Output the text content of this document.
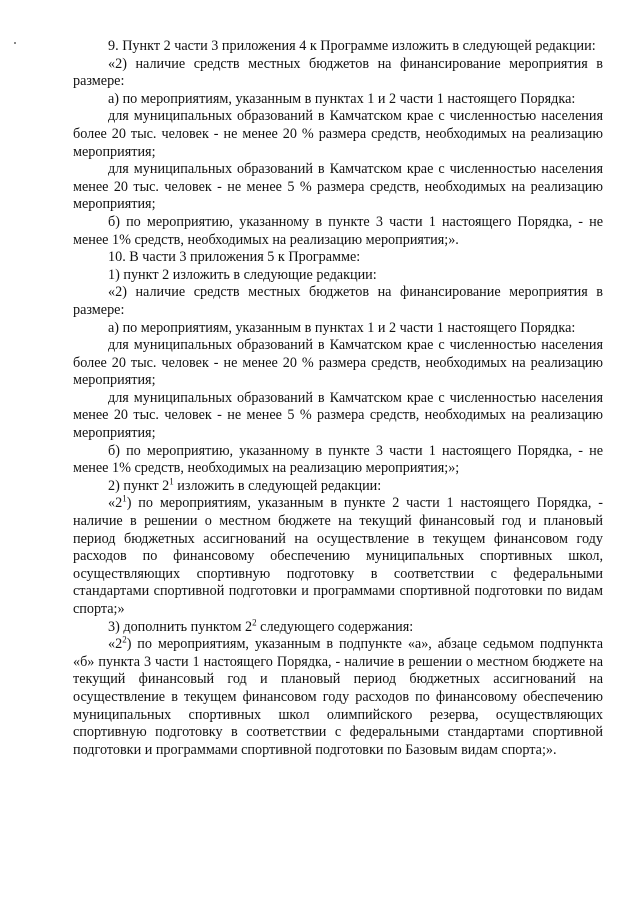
9. Пункт 2 части 3 приложения 4 к Программе изложить в следующей редакции:

«2) наличие средств местных бюджетов на финансирование мероприятия в размере:

а) по мероприятиям, указанным в пунктах 1 и 2 части 1 настоящего Порядка:

для муниципальных образований в Камчатском крае с численностью населения более 20 тыс. человек - не менее 20 % размера средств, необходимых на реализацию мероприятия;

для муниципальных образований в Камчатском крае с численностью населения менее 20 тыс. человек - не менее 5 % размера средств, необходимых на реализацию мероприятия;

б) по мероприятию, указанному в пункте 3 части 1 настоящего Порядка, - не менее 1% средств, необходимых на реализацию мероприятия;».

10. В части 3 приложения 5 к Программе:

1) пункт 2 изложить в следующие редакции:

«2) наличие средств местных бюджетов на финансирование мероприятия в размере:

а) по мероприятиям, указанным в пунктах 1 и 2 части 1 настоящего Порядка:

для муниципальных образований в Камчатском крае с численностью населения более 20 тыс. человек - не менее 20 % размера средств, необходимых на реализацию мероприятия;

для муниципальных образований в Камчатском крае с численностью населения менее 20 тыс. человек - не менее 5 % размера средств, необходимых на реализацию мероприятия;

б) по мероприятию, указанному в пункте 3 части 1 настоящего Порядка, - не менее 1% средств, необходимых на реализацию мероприятия;»;

2) пункт $2^1$ изложить в следующей редакции:

«$2^1$) по мероприятиям, указанным в пункте 2 части 1 настоящего Порядка, - наличие в решении о местном бюджете на текущий финансовый год и плановый период бюджетных ассигнований на осуществление в текущем финансовом году расходов по финансовому обеспечению муниципальных спортивных школ, осуществляющих спортивную подготовку в соответствии с федеральными стандартами спортивной подготовки и программами спортивной подготовки по видам спорта;»

3) дополнить пунктом $2^2$ следующего содержания:

«$2^2$) по мероприятиям, указанным в подпункте «а», абзаце седьмом подпункта «б» пункта 3 части 1 настоящего Порядка, - наличие в решении о местном бюджете на текущий финансовый год и плановый период бюджетных ассигнований на осуществление в текущем финансовом году расходов по финансовому обеспечению муниципальных спортивных школ олимпийского резерва, осуществляющих спортивную подготовку в соответствии с федеральными стандартами спортивной подготовки и программами спортивной подготовки по Базовым видам спорта;».
